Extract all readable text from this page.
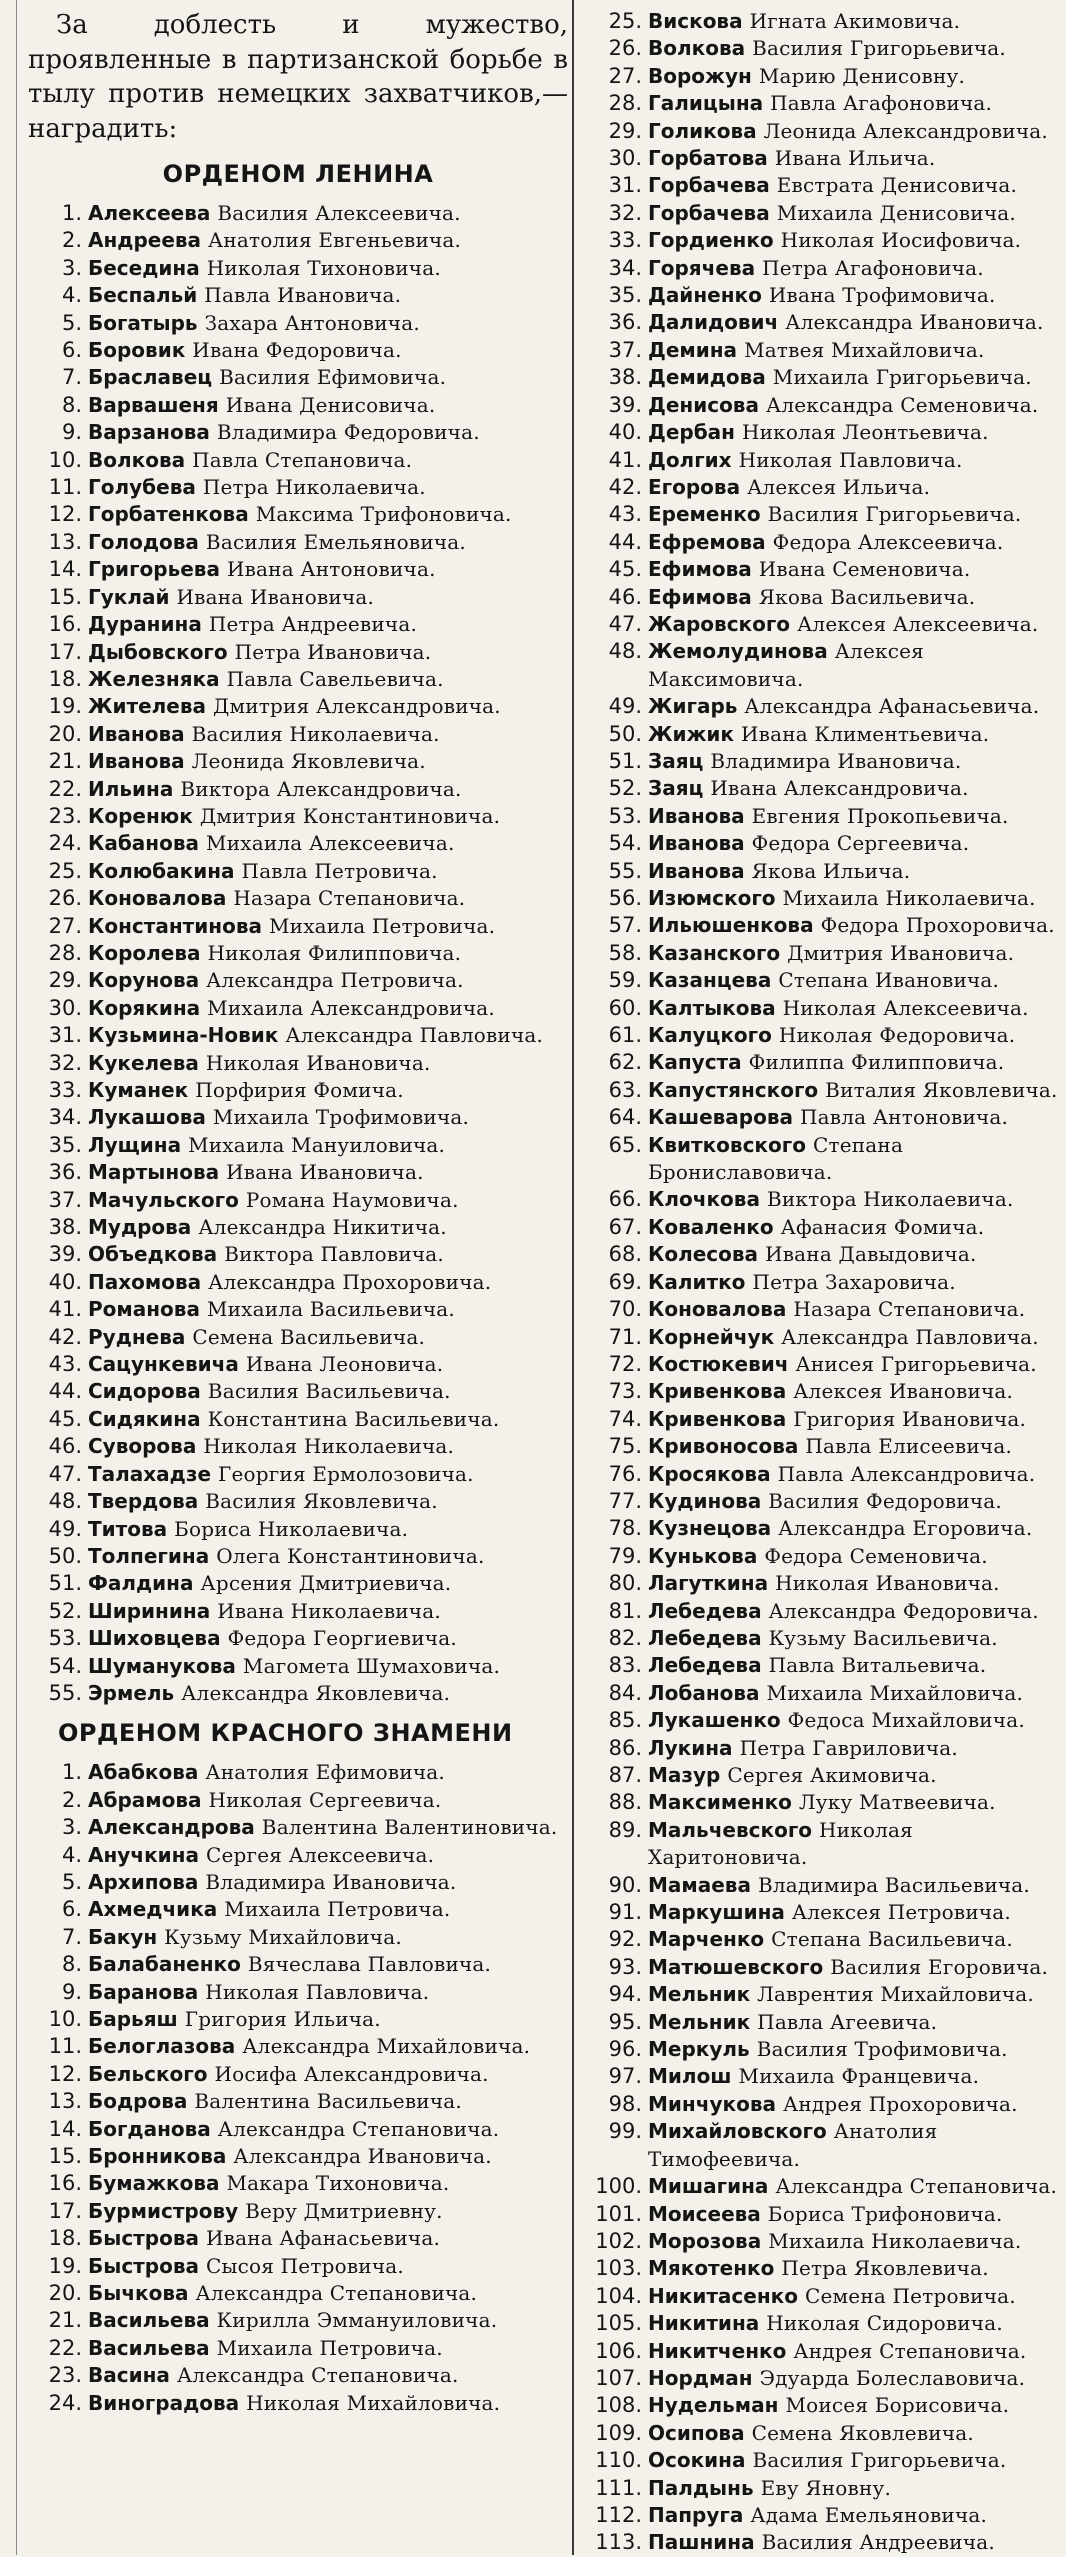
За доблесть и мужество, проявленные в партизанской борьбе в тылу против немецких захватчиков,—наградить:

ОРДЕНОМ ЛЕНИНА
1. Алексеева Василия Алексеевича.
2. Андреева Анатолия Евгеньевича.
3. Беседина Николая Тихоновича.
4. Беспальй Павла Ивановича.
5. Богатырь Захара Антоновича.
6. Боровик Ивана Федоровича.
7. Браславец Василия Ефимовича.
8. Варвашеня Ивана Денисовича.
9. Варзанова Владимира Федоровича.
10. Волкова Павла Степановича.
11. Голубева Петра Николаевича.
12. Горбатенкова Максима Трифоновича.
13. Голодова Василия Емельяновича.
14. Григорьева Ивана Антоновича.
15. Гуклай Ивана Ивановича.
16. Дуранина Петра Андреевича.
17. Дыбовского Петра Ивановича.
18. Железняка Павла Савельевича.
19. Жителева Дмитрия Александровича.
20. Иванова Василия Николаевича.
21. Иванова Леонида Яковлевича.
22. Ильина Виктора Александровича.
23. Коренюк Дмитрия Константиновича.
24. Кабанова Михаила Алексеевича.
25. Колюбакина Павла Петровича.
26. Коновалова Назара Степановича.
27. Константинова Михаила Петровича.
28. Королева Николая Филипповича.
29. Корунова Александра Петровича.
30. Корякина Михаила Александровича.
31. Кузьмина-Новик Александра Павловича.
32. Кукелева Николая Ивановича.
33. Куманек Порфирия Фомича.
34. Лукашова Михаила Трофимовича.
35. Лущина Михаила Мануиловича.
36. Мартынова Ивана Ивановича.
37. Мачульского Романа Наумовича.
38. Мудрова Александра Никитича.
39. Объедкова Виктора Павловича.
40. Пахомова Александра Прохоровича.
41. Романова Михаила Васильевича.
42. Руднева Семена Васильевича.
43. Сацункевича Ивана Леоновича.
44. Сидорова Василия Васильевича.
45. Сидякина Константина Васильевича.
46. Суворова Николая Николаевича.
47. Талахадзе Георгия Ермолозовича.
48. Твердова Василия Яковлевича.
49. Титова Бориса Николаевича.
50. Толпегина Олега Константиновича.
51. Фалдина Арсения Дмитриевича.
52. Ширинина Ивана Николаевича.
53. Шиховцева Федора Георгиевича.
54. Шуманукова Магомета Шумаховича.
55. Эрмель Александра Яковлевича.
ОРДЕНОМ КРАСНОГО ЗНАМЕНИ
1. Абабкова Анатолия Ефимовича.
2. Абрамова Николая Сергеевича.
3. Александрова Валентина Валентиновича.
4. Анучкина Сергея Алексеевича.
5. Архипова Владимира Ивановича.
6. Ахмедчика Михаила Петровича.
7. Бакун Кузьму Михайловича.
8. Балабаненко Вячеслава Павловича.
9. Баранова Николая Павловича.
10. Барьяш Григория Ильича.
11. Белоглазова Александра Михайловича.
12. Бельского Иосифа Александровича.
13. Бодрова Валентина Васильевича.
14. Богданова Александра Степановича.
15. Бронникова Александра Ивановича.
16. Бумажкова Макара Тихоновича.
17. Бурмистрову Веру Дмитриевну.
18. Быстрова Ивана Афанасьевича.
19. Быстрова Сысоя Петровича.
20. Бычкова Александра Степановича.
21. Васильева Кирилла Эммануиловича.
22. Васильева Михаила Петровича.
23. Васина Александра Степановича.
24. Виноградова Николая Михайловича.
25. Вискова Игната Акимовича.
26. Волкова Василия Григорьевича.
27. Ворожун Марию Денисовну.
28. Галицына Павла Агафоновича.
29. Голикова Леонида Александровича.
30. Горбатова Ивана Ильича.
31. Горбачева Евстрата Денисовича.
32. Горбачева Михаила Денисовича.
33. Гордиенко Николая Иосифовича.
34. Горячева Петра Агафоновича.
35. Дайненко Ивана Трофимовича.
36. Далидович Александра Ивановича.
37. Демина Матвея Михайловича.
38. Демидова Михаила Григорьевича.
39. Денисова Александра Семеновича.
40. Дербан Николая Леонтьевича.
41. Долгих Николая Павловича.
42. Егорова Алексея Ильича.
43. Еременко Василия Григорьевича.
44. Ефремова Федора Алексеевича.
45. Ефимова Ивана Семеновича.
46. Ефимова Якова Васильевича.
47. Жаровского Алексея Алексеевича.
48. Жемолудинова Алексея Максимовича.
49. Жигарь Александра Афанасьевича.
50. Жижик Ивана Климентьевича.
51. Заяц Владимира Ивановича.
52. Заяц Ивана Александровича.
53. Иванова Евгения Прокопьевича.
54. Иванова Федора Сергеевича.
55. Иванова Якова Ильича.
56. Изюмского Михаила Николаевича.
57. Ильюшенкова Федора Прохоровича.
58. Казанского Дмитрия Ивановича.
59. Казанцева Степана Ивановича.
60. Калтыкова Николая Алексеевича.
61. Калуцкого Николая Федоровича.
62. Капуста Филиппа Филипповича.
63. Капустянского Виталия Яковлевича.
64. Кашеварова Павла Антоновича.
65. Квитковского Степана Брониславовича.
66. Клочкова Виктора Николаевича.
67. Коваленко Афанасия Фомича.
68. Колесова Ивана Давыдовича.
69. Калитко Петра Захаровича.
70. Коновалова Назара Степановича.
71. Корнейчук Александра Павловича.
72. Костюкевич Анисея Григорьевича.
73. Кривенкова Алексея Ивановича.
74. Кривенкова Григория Ивановича.
75. Кривоносова Павла Елисеевича.
76. Кросякова Павла Александровича.
77. Кудинова Василия Федоровича.
78. Кузнецова Александра Егоровича.
79. Кунькова Федора Семеновича.
80. Лагуткина Николая Ивановича.
81. Лебедева Александра Федоровича.
82. Лебедева Кузьму Васильевича.
83. Лебедева Павла Витальевича.
84. Лобанова Михаила Михайловича.
85. Лукашенко Федоса Михайловича.
86. Лукина Петра Гавриловича.
87. Мазур Сергея Акимовича.
88. Максименко Луку Матвеевича.
89. Мальчевского Николая Харитоновича.
90. Мамаева Владимира Васильевича.
91. Маркушина Алексея Петровича.
92. Марченко Степана Васильевича.
93. Матюшевского Василия Егоровича.
94. Мельник Лаврентия Михайловича.
95. Мельник Павла Агеевича.
96. Меркуль Василия Трофимовича.
97. Милош Михаила Францевича.
98. Минчукова Андрея Прохоровича.
99. Михайловского Анатолия Тимофеевича.
100. Мишагина Александра Степановича.
101. Моисеева Бориса Трифоновича.
102. Морозова Михаила Николаевича.
103. Мякотенко Петра Яковлевича.
104. Никитасенко Семена Петровича.
105. Никитина Николая Сидоровича.
106. Никитченко Андрея Степановича.
107. Нордман Эдуарда Болеславовича.
108. Нудельман Моисея Борисовича.
109. Осипова Семена Яковлевича.
110. Осокина Василия Григорьевича.
111. Палдынь Еву Яновну.
112. Папруга Адама Емельяновича.
113. Пашнина Василия Андреевича.
